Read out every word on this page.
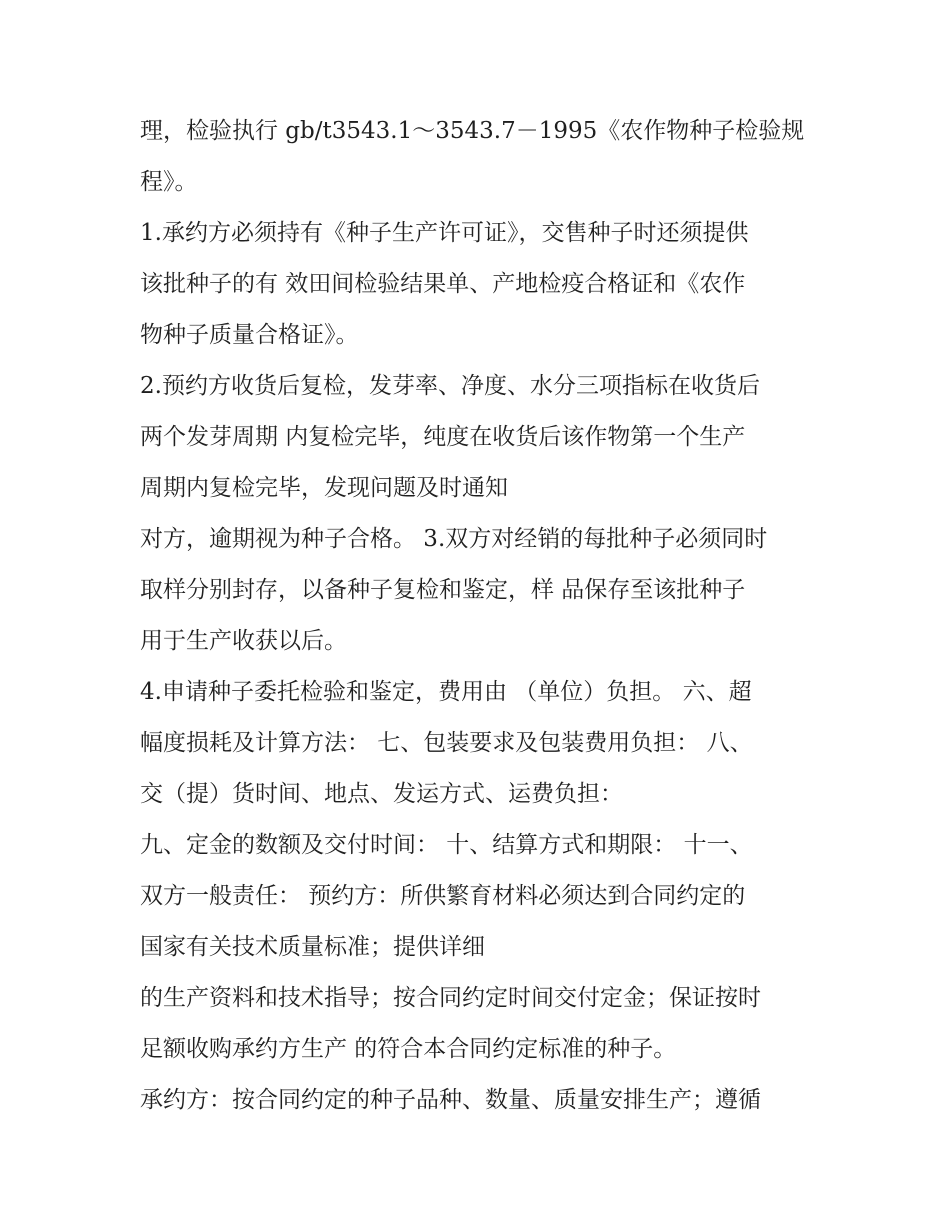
理，检验执行 gb/t3543.1～3543.7－1995《农作物种子检验规
程》。
1.承约方必须持有《种子生产许可证》，交售种子时还须提供
该批种子的有 效田间检验结果单、产地检疫合格证和《农作
物种子质量合格证》。
2.预约方收货后复检，发芽率、净度、水分三项指标在收货后
两个发芽周期 内复检完毕，纯度在收货后该作物第一个生产
周期内复检完毕，发现问题及时通知
对方，逾期视为种子合格。 3.双方对经销的每批种子必须同时
取样分别封存，以备种子复检和鉴定，样 品保存至该批种子
用于生产收获以后。
4.申请种子委托检验和鉴定，费用由 （单位）负担。 六、超
幅度损耗及计算方法： 七、包装要求及包装费用负担： 八、
交（提）货时间、地点、发运方式、运费负担：
九、定金的数额及交付时间： 十、结算方式和期限： 十一、
双方一般责任： 预约方：所供繁育材料必须达到合同约定的
国家有关技术质量标准；提供详细
的生产资料和技术指导；按合同约定时间交付定金；保证按时
足额收购承约方生产 的符合本合同约定标准的种子。
承约方：按合同约定的种子品种、数量、质量安排生产；遵循
